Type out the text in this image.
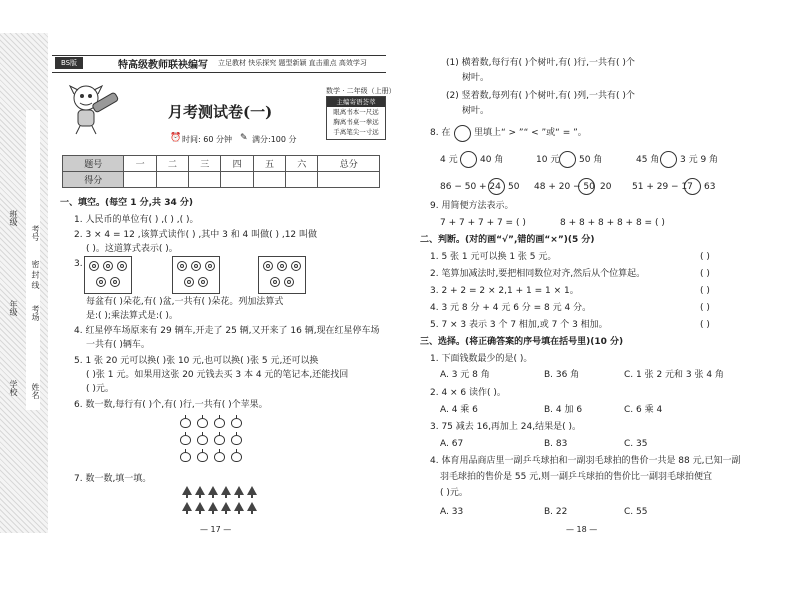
班级
考号
密 封 线
年级 考场
学校 姓名
BS版	特高级教师联袂编写 立足教材 快乐探究 题型新颖 直击重点 高效学习
月考测试卷(一)
⏰ 时间: 60 分钟 ✎ 满分:100 分
数学 · 二年级（上册）
主编寄语荟萃
眼离书本一尺远
胸离书桌一拳远
手离笔尖一寸远
题号	一	二	三	四	五	六	总分
得分							
一、填空。(每空 1 分,共 34 分)
1. 人民币的单位有( ) ,( ) ,( )。
2. 3 × 4 = 12 ,该算式读作( ) ,其中 3 和 4 叫做( ) ,12 叫做
( )。这道算式表示( )。
3.
每盆有( )朵花,有( )盆,一共有( )朵花。列加法算式
是:( );乘法算式是:( )。
4. 红星停车场原来有 29 辆车,开走了 25 辆,又开来了 16 辆,现在红星停车场
一共有( )辆车。
5. 1 张 20 元可以换( )张 10 元,也可以换( )张 5 元,还可以换
( )张 1 元。如果用这张 20 元钱去买 3 本 4 元的笔记本,还能找回
( )元。
6. 数一数,每行有( )个,有( )行,一共有( )个苹果。
7. 数一数,填一填。
— 17 —
(1) 横着数,每行有( )个树叶,有( )行,一共有( )个
树叶。
(2) 竖着数,每列有( )个树叶,有( )列,一共有( )个
树叶。
8. 在	里填上“ > ”“ < ”或“ = ”。
4 元 40 角	10 元 50 角	45 角 3 元 9 角
86 − 50 + 24 50 48 + 20 − 50 20 51 + 29 − 17 63
9. 用简便方法表示。
7 + 7 + 7 + 7 = ( )	8 + 8 + 8 + 8 + 8 = ( )
二、判断。(对的画“√”,错的画“×”)(5 分)
1. 5 张 1 元可以换 1 张 5 元。	( )
2. 笔算加减法时,要把相同数位对齐,然后从个位算起。	( )
3. 2 + 2 = 2 × 2,1 + 1 = 1 × 1。	( )
4. 3 元 8 分 + 4 元 6 分 = 8 元 4 分。	( )
5. 7 × 3 表示 3 个 7 相加,或 7 个 3 相加。	( )
三、选择。(将正确答案的序号填在括号里)(10 分)
1. 下面钱数最少的是( )。
A. 3 元 8 角	B. 36 角	C. 1 张 2 元和 3 张 4 角
2. 4 × 6 读作( )。
A. 4 乘 6	B. 4 加 6	C. 6 乘 4
3. 75 减去 16,再加上 24,结果是( )。
A. 67	B. 83	C. 35
4. 体育用品商店里一副乒乓球拍和一副羽毛球拍的售价一共是 88 元,已知一副
羽毛球拍的售价是 55 元,则一副乒乓球拍的售价比一副羽毛球拍便宜
( )元。
A. 33	B. 22	C. 55
— 18 —
